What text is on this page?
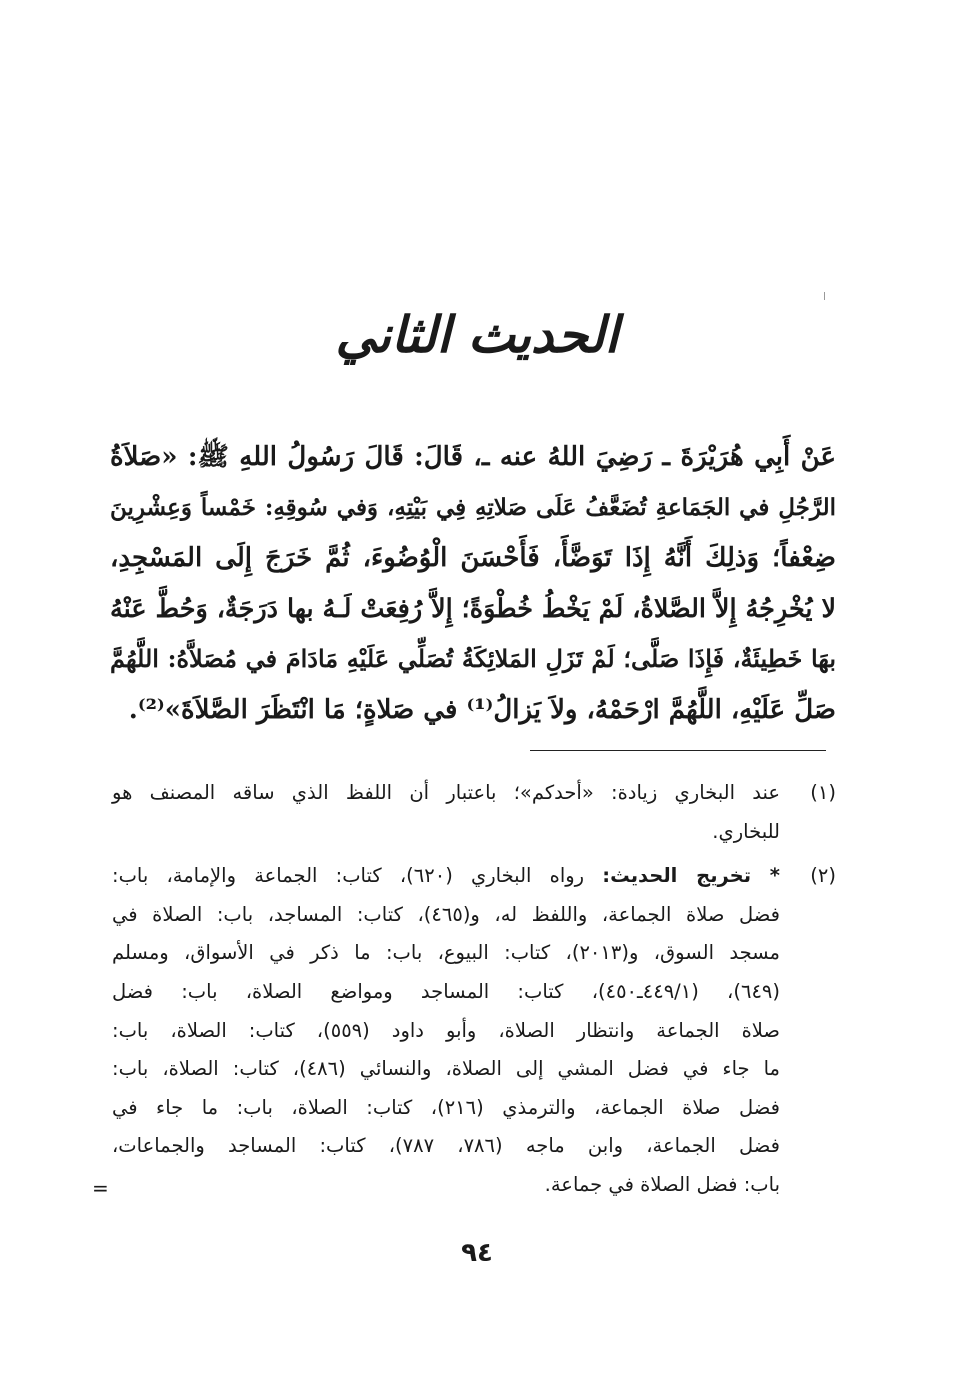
الحديث الثاني
عَنْ أَبِي هُرَيْرَةَ ـ رَضِيَ اللهُ عنه ـ، قَالَ: قَالَ رَسُولُ اللهِ ﷺ: «صَلاَةُ
الرَّجُلِ في الجَمَاعةِ تُضَعَّفُ عَلَى صَلاتِهِ فِي بَيْتِهِ، وَفي سُوقِهِ: خَمْساً وَعِشْرِينَ
ضِعْفاً؛ وَذلِكَ أَنَّهُ إِذَا تَوَضَّأَ، فَأَحْسَنَ الْوُضُوءَ، ثُمَّ خَرَجَ إِلَى المَسْجِدِ،
لا يُخْرِجُهُ إِلاَّ الصَّلاةُ، لَمْ يَخْطُ خُطْوَةً؛ إِلاَّ رُفِعَتْ لَـهُ بها دَرَجَةٌ، وَحُطَّ عَنْهُ
بهَا خَطِيئَةٌ، فَإِذَا صَلَّى؛ لَمْ تَزَلِ المَلائِكَةُ تُصَلِّي عَلَيْهِ مَادَامَ في مُصَلاَّهُ: اللَّهُمَّ
صَلِّ عَلَيْهِ، اللَّهُمَّ ارْحَمْهُ، ولاَ يَزالُ⁽¹⁾ في صَلاةٍ؛ مَا انْتَظَرَ الصَّلاَةَ»⁽²⁾.
(١)
عند البخاري زيادة: «أحدكم»؛ باعتبار أن اللفظ الذي ساقه المصنف هو
للبخاري.
(٢)
* تخريج الحديث: رواه البخاري (٦٢٠)، كتاب: الجماعة والإمامة، باب:
فضل صلاة الجماعة، واللفظ له، و(٤٦٥)، كتاب: المساجد، باب: الصلاة في
مسجد السوق، و(٢٠١٣)، كتاب: البيوع، باب: ما ذكر في الأسواق، ومسلم
(٦٤٩)، (٤٤٩/١ـ٤٥٠)، كتاب: المساجد ومواضع الصلاة، باب: فضل
صلاة الجماعة وانتظار الصلاة، وأبو داود (٥٥٩)، كتاب: الصلاة، باب:
ما جاء في فضل المشي إلى الصلاة، والنسائي (٤٨٦)، كتاب: الصلاة، باب:
فضل صلاة الجماعة، والترمذي (٢١٦)، كتاب: الصلاة، باب: ما جاء في
فضل الجماعة، وابن ماجه (٧٨٦، ٧٨٧)، كتاب: المساجد والجماعات،
باب: فضل الصلاة في جماعة.
=
٩٤
